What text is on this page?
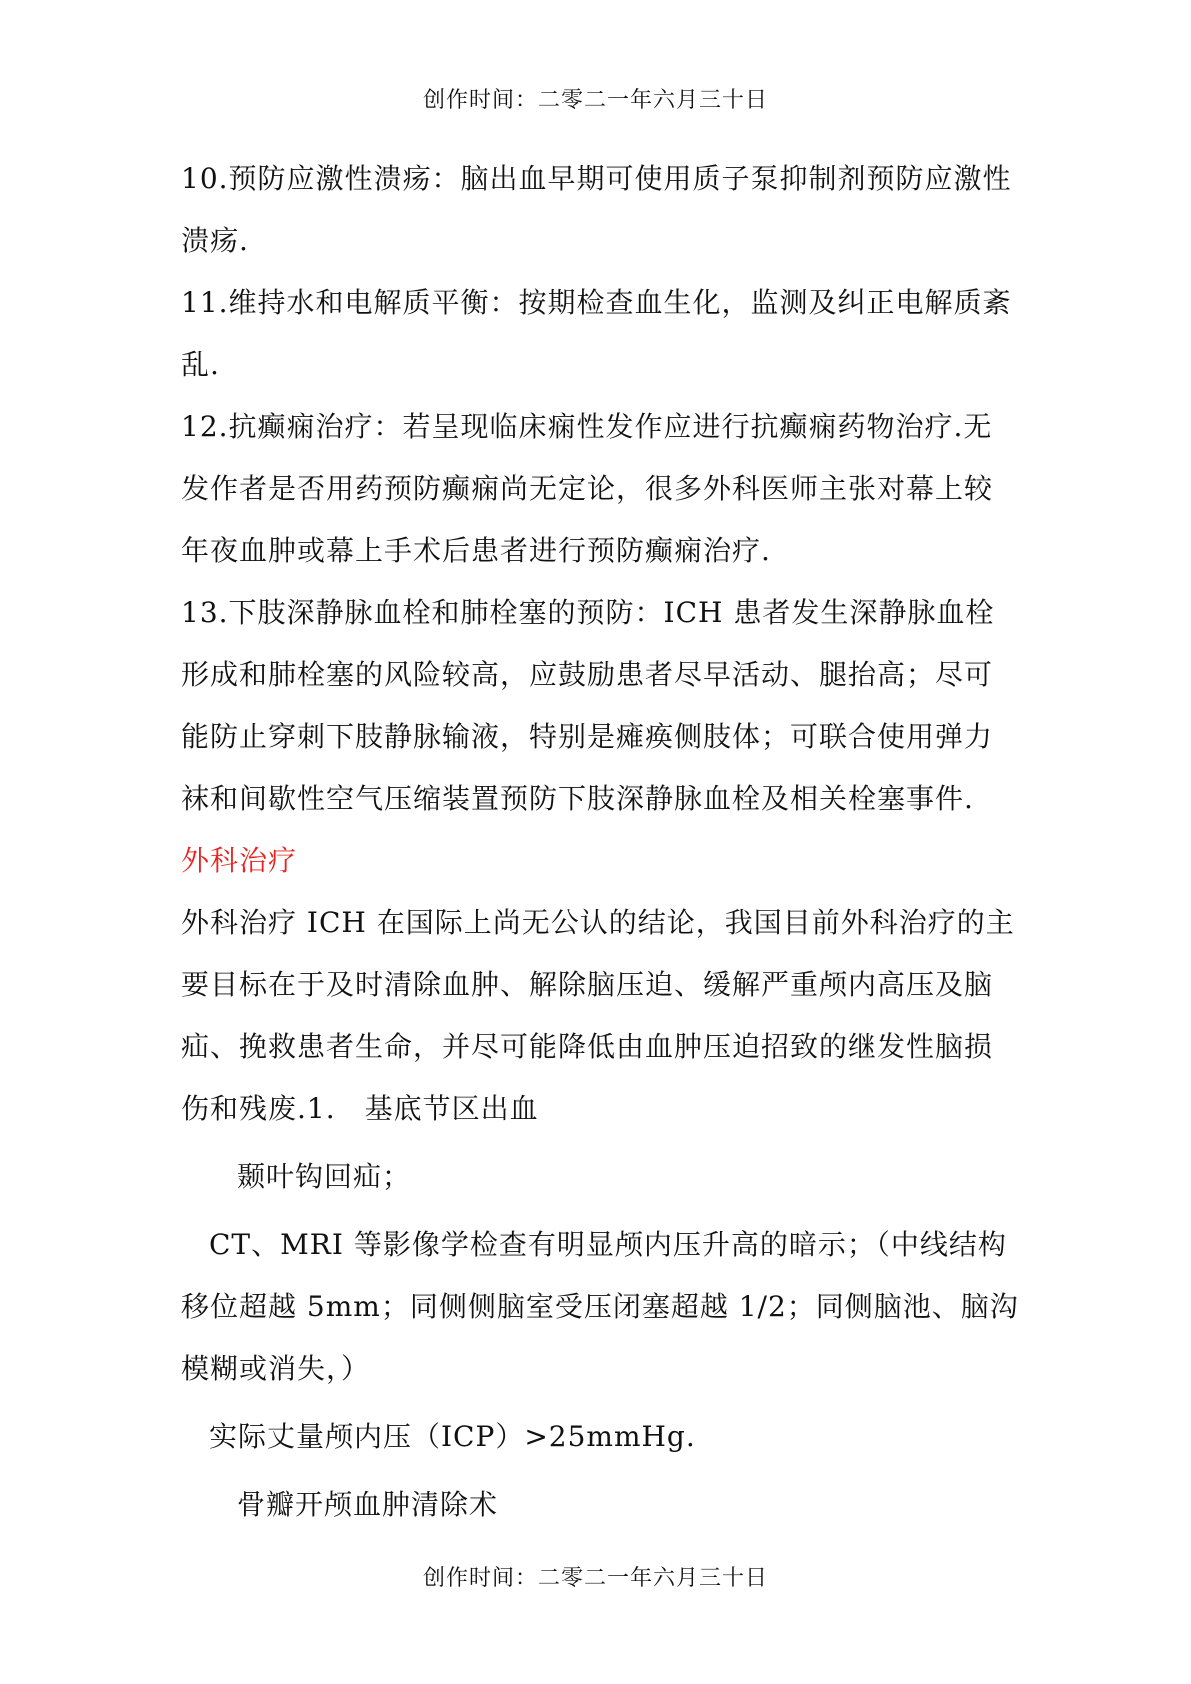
创作时间：二零二一年六月三十日

10.预防应激性溃疡：脑出血早期可使用质子泵抑制剂预防应激性溃疡.

11.维持水和电解质平衡：按期检查血生化，监测及纠正电解质紊乱.

12.抗癫痫治疗：若呈现临床痫性发作应进行抗癫痫药物治疗.无发作者是否用药预防癫痫尚无定论，很多外科医师主张对幕上较年夜血肿或幕上手术后患者进行预防癫痫治疗.

13.下肢深静脉血栓和肺栓塞的预防：ICH 患者发生深静脉血栓形成和肺栓塞的风险较高，应鼓励患者尽早活动、腿抬高；尽可能防止穿刺下肢静脉输液，特别是瘫痪侧肢体；可联合使用弹力袜和间歇性空气压缩装置预防下肢深静脉血栓及相关栓塞事件.

外科治疗

外科治疗 ICH 在国际上尚无公认的结论，我国目前外科治疗的主要目标在于及时清除血肿、解除脑压迫、缓解严重颅内高压及脑疝、挽救患者生命，并尽可能降低由血肿压迫招致的继发性脑损伤和残废.1.　基底节区出血

颞叶钩回疝；

CT、MRI 等影像学检查有明显颅内压升高的暗示；（中线结构移位超越 5mm；同侧侧脑室受压闭塞超越 1/2；同侧脑池、脑沟模糊或消失，）

实际丈量颅内压（ICP）>25mmHg.

骨瓣开颅血肿清除术

创作时间：二零二一年六月三十日
